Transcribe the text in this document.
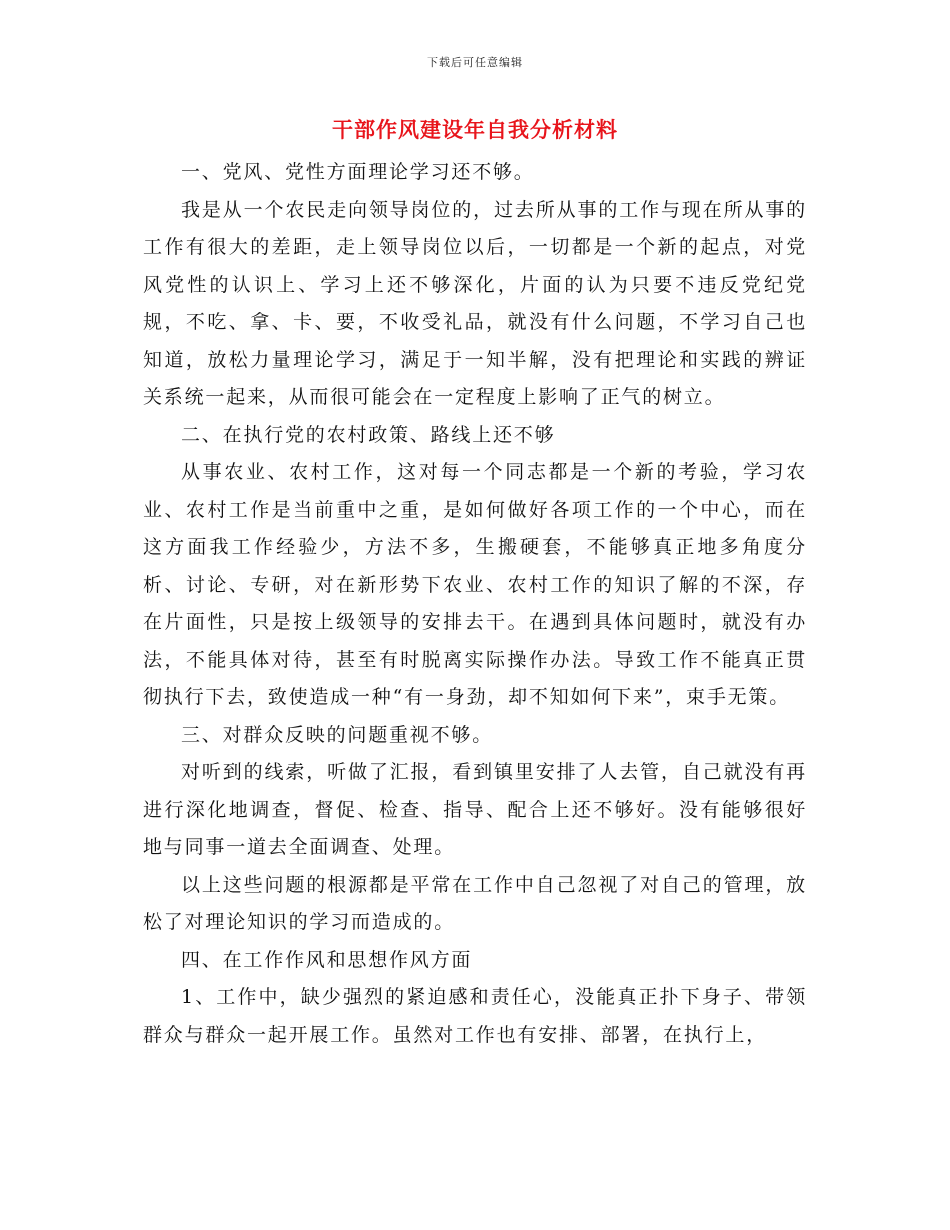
下载后可任意编辑
干部作风建设年自我分析材料

一、党风、党性方面理论学习还不够。

我是从一个农民走向领导岗位的，过去所从事的工作与现在所从事的工作有很大的差距，走上领导岗位以后，一切都是一个新的起点，对党风党性的认识上、学习上还不够深化，片面的认为只要不违反党纪党规，不吃、拿、卡、要，不收受礼品，就没有什么问题，不学习自己也知道，放松力量理论学习，满足于一知半解，没有把理论和实践的辨证关系统一起来，从而很可能会在一定程度上影响了正气的树立。

二、在执行党的农村政策、路线上还不够

从事农业、农村工作，这对每一个同志都是一个新的考验，学习农业、农村工作是当前重中之重，是如何做好各项工作的一个中心，而在这方面我工作经验少，方法不多，生搬硬套，不能够真正地多角度分析、讨论、专研，对在新形势下农业、农村工作的知识了解的不深，存在片面性，只是按上级领导的安排去干。在遇到具体问题时，就没有办法，不能具体对待，甚至有时脱离实际操作办法。导致工作不能真正贯彻执行下去，致使造成一种“有一身劲，却不知如何下来”，束手无策。

三、对群众反映的问题重视不够。

对听到的线索，听做了汇报，看到镇里安排了人去管，自己就没有再进行深化地调查，督促、检查、指导、配合上还不够好。没有能够很好地与同事一道去全面调查、处理。

以上这些问题的根源都是平常在工作中自己忽视了对自己的管理，放松了对理论知识的学习而造成的。

四、在工作作风和思想作风方面

1、工作中，缺少强烈的紧迫感和责任心，没能真正扑下身子、带领群众与群众一起开展工作。虽然对工作也有安排、部署，在执行上，
